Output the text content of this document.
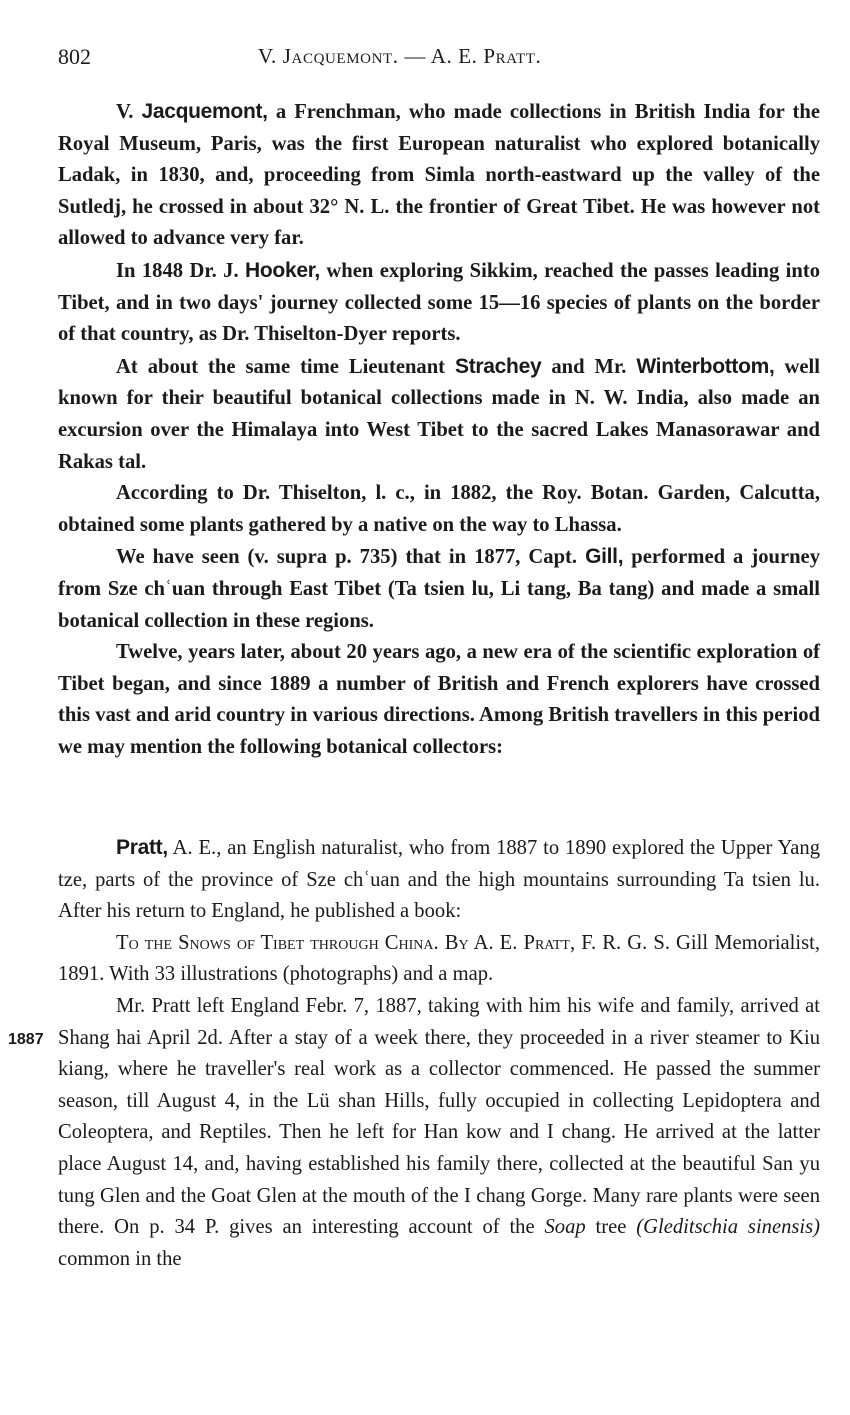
802	V. Jacquemont. — A. E. Pratt.

V. Jacquemont, a Frenchman, who made collections in British India for the Royal Museum, Paris, was the first European naturalist who explored botanically Ladak, in 1830, and, proceeding from Simla north-eastward up the valley of the Sutledj, he crossed in about 32° N. L. the frontier of Great Tibet. He was however not allowed to advance very far.

In 1848 Dr. J. Hooker, when exploring Sikkim, reached the passes leading into Tibet, and in two days' journey collected some 15—16 species of plants on the border of that country, as Dr. Thiselton-Dyer reports.

At about the same time Lieutenant Strachey and Mr. Winterbottom, well known for their beautiful botanical collections made in N. W. India, also made an excursion over the Himalaya into West Tibet to the sacred Lakes Manasorawar and Rakas tal.

According to Dr. Thiselton, l. c., in 1882, the Roy. Botan. Garden, Calcutta, obtained some plants gathered by a native on the way to Lhassa.

We have seen (v. supra p. 735) that in 1877, Capt. Gill, performed a journey from Sze chʿuan through East Tibet (Ta tsien lu, Li tang, Ba tang) and made a small botanical collection in these regions.

Twelve, years later, about 20 years ago, a new era of the scientific exploration of Tibet began, and since 1889 a number of British and French explorers have crossed this vast and arid country in various directions. Among British travellers in this period we may mention the following botanical collectors:

Pratt, A. E., an English naturalist, who from 1887 to 1890 explored the Upper Yang tze, parts of the province of Sze chʿuan and the high mountains surrounding Ta tsien lu. After his return to England, he published a book:

To the Snows of Tibet through China. By A. E. Pratt, F. R. G. S. Gill Memorialist, 1891. With 33 illustrations (photographs) and a map.

Mr. Pratt left England Febr. 7, 1887, taking with him his wife and family, arrived at Shang hai April 2d. After a stay of a week there, they proceeded in a river steamer to Kiu kiang, where he traveller's real work as a collector commenced. He passed the summer season, till August 4, in the Lü shan Hills, fully occupied in collecting Lepidoptera and Coleoptera, and Reptiles. Then he left for Han kow and I chang. He arrived at the latter place August 14, and, having established his family there, collected at the beautiful San yu tung Glen and the Goat Glen at the mouth of the I chang Gorge. Many rare plants were seen there. On p. 34 P. gives an interesting account of the Soap tree (Gleditschia sinensis) common in the

1887
